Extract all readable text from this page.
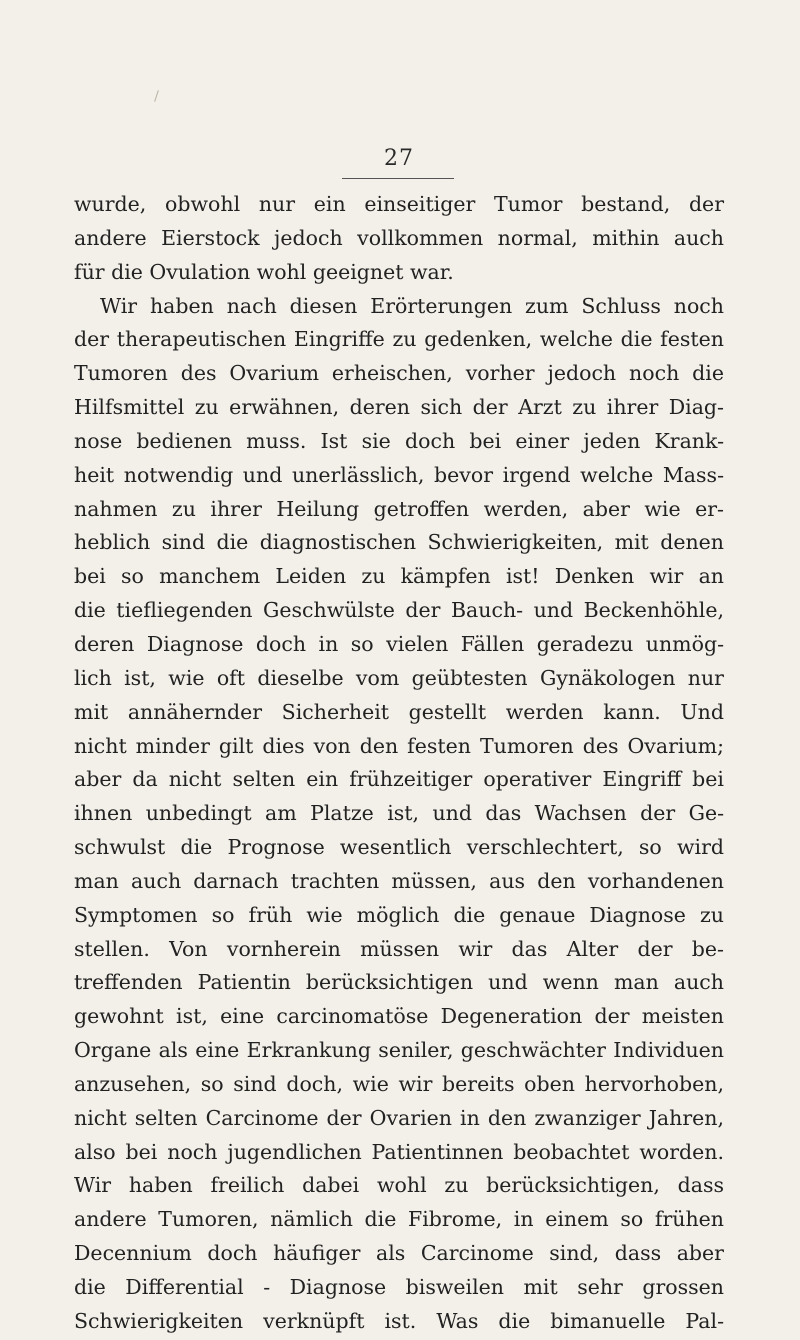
27
wurde, obwohl nur ein einseitiger Tumor bestand, der
andere Eierstock jedoch vollkommen normal, mithin auch
für die Ovulation wohl geeignet war.
Wir haben nach diesen Erörterungen zum Schluss noch
der therapeutischen Eingriffe zu gedenken, welche die festen
Tumoren des Ovarium erheischen, vorher jedoch noch die
Hilfsmittel zu erwähnen, deren sich der Arzt zu ihrer Diag-
nose bedienen muss. Ist sie doch bei einer jeden Krank-
heit notwendig und unerlässlich, bevor irgend welche Mass-
nahmen zu ihrer Heilung getroffen werden, aber wie er-
heblich sind die diagnostischen Schwierigkeiten, mit denen
bei so manchem Leiden zu kämpfen ist! Denken wir an
die tiefliegenden Geschwülste der Bauch- und Beckenhöhle,
deren Diagnose doch in so vielen Fällen geradezu unmög-
lich ist, wie oft dieselbe vom geübtesten Gynäkologen nur
mit annähernder Sicherheit gestellt werden kann. Und
nicht minder gilt dies von den festen Tumoren des Ovarium;
aber da nicht selten ein frühzeitiger operativer Eingriff bei
ihnen unbedingt am Platze ist, und das Wachsen der Ge-
schwulst die Prognose wesentlich verschlechtert, so wird
man auch darnach trachten müssen, aus den vorhandenen
Symptomen so früh wie möglich die genaue Diagnose zu
stellen. Von vornherein müssen wir das Alter der be-
treffenden Patientin berücksichtigen und wenn man auch
gewohnt ist, eine carcinomatöse Degeneration der meisten
Organe als eine Erkrankung seniler, geschwächter Individuen
anzusehen, so sind doch, wie wir bereits oben hervorhoben,
nicht selten Carcinome der Ovarien in den zwanziger Jahren,
also bei noch jugendlichen Patientinnen beobachtet worden.
Wir haben freilich dabei wohl zu berücksichtigen, dass
andere Tumoren, nämlich die Fibrome, in einem so frühen
Decennium doch häufiger als Carcinome sind, dass aber
die Differential - Diagnose bisweilen mit sehr grossen
Schwierigkeiten verknüpft ist. Was die bimanuelle Pal-
